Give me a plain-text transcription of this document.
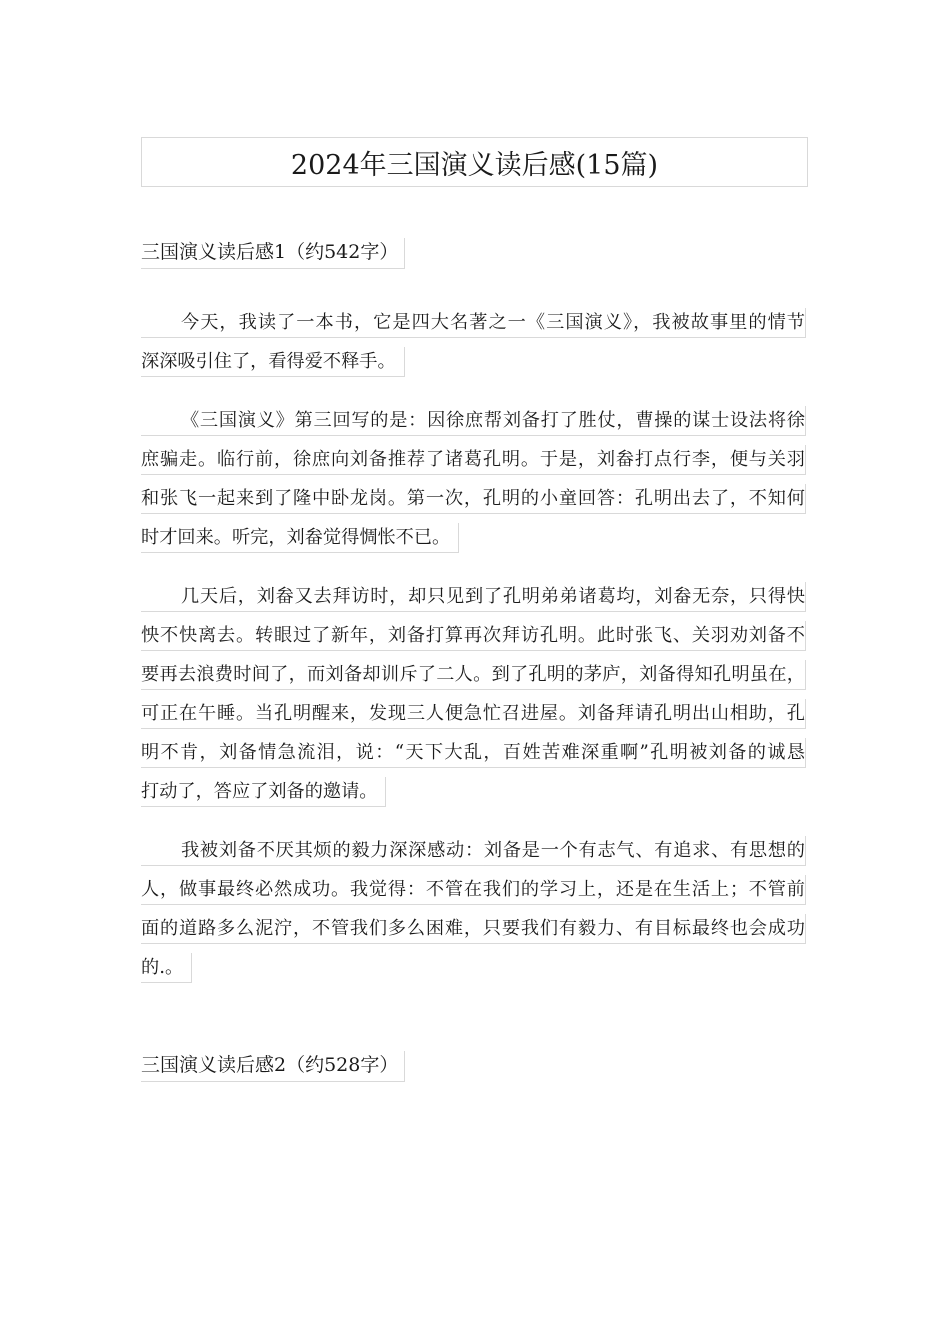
2024年三国演义读后感(15篇)
三国演义读后感1（约542字）
今天，我读了一本书，它是四大名著之一《三国演义》，我被故事里的情节
深深吸引住了，看得爱不释手。
《三国演义》第三回写的是：因徐庶帮刘备打了胜仗，曹操的谋士设法将徐
庶骗走。临行前，徐庶向刘备推荐了诸葛孔明。于是，刘畚打点行李，便与关羽
和张飞一起来到了隆中卧龙岗。第一次，孔明的小童回答：孔明出去了，不知何
时才回来。听完，刘畚觉得惆怅不已。
几天后，刘畚又去拜访时，却只见到了孔明弟弟诸葛均，刘畚无奈，只得快
怏不快离去。转眼过了新年，刘备打算再次拜访孔明。此时张飞、关羽劝刘备不
要再去浪费时间了，而刘备却训斥了二人。到了孔明的茅庐，刘备得知孔明虽在，
可正在午睡。当孔明醒来，发现三人便急忙召进屋。刘备拜请孔明出山相助，孔
明不肯，刘备情急流泪，说：“天下大乱，百姓苦难深重啊”孔明被刘备的诚恳
打动了，答应了刘备的邀请。
我被刘备不厌其烦的毅力深深感动：刘备是一个有志气、有追求、有思想的
人，做事最终必然成功。我觉得：不管在我们的学习上，还是在生活上；不管前
面的道路多么泥泞，不管我们多么困难，只要我们有毅力、有目标最终也会成功
的.。
三国演义读后感2（约528字）
